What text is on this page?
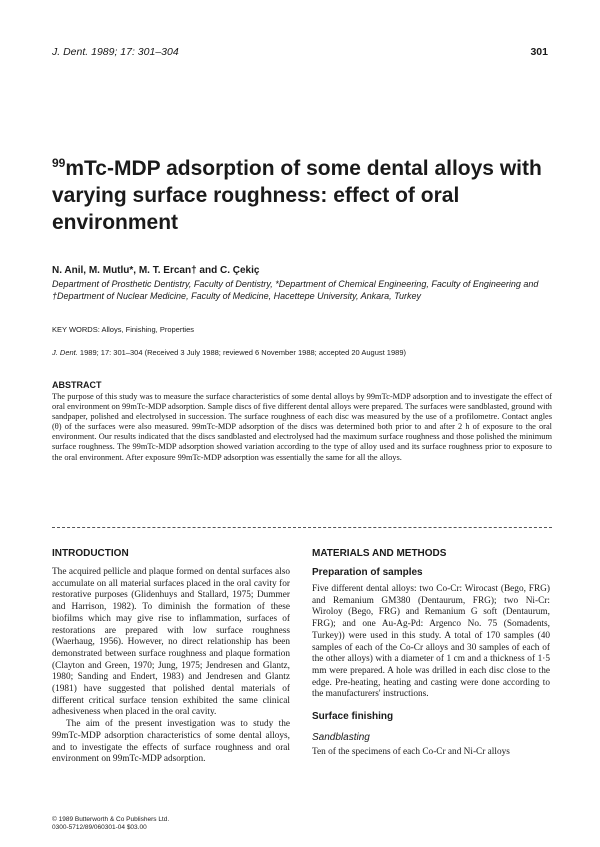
J. Dent. 1989; 17: 301–304	301
$^{99}$mTc-MDP adsorption of some dental alloys with varying surface roughness: effect of oral environment
N. Anil, M. Mutlu*, M. T. Ercan† and C. Çekiç
Department of Prosthetic Dentistry, Faculty of Dentistry, *Department of Chemical Engineering, Faculty of Engineering and †Department of Nuclear Medicine, Faculty of Medicine, Hacettepe University, Ankara, Turkey
KEY WORDS: Alloys, Finishing, Properties
J. Dent. 1989; 17: 301–304 (Received 3 July 1988; reviewed 6 November 1988; accepted 20 August 1989)
ABSTRACT
The purpose of this study was to measure the surface characteristics of some dental alloys by 99mTc-MDP adsorption and to investigate the effect of oral environment on 99mTc-MDP adsorption. Sample discs of five different dental alloys were prepared. The surfaces were sandblasted, ground with sandpaper, polished and electrolysed in succession. The surface roughness of each disc was measured by the use of a profilometre. Contact angles (θ) of the surfaces were also measured. 99mTc-MDP adsorption of the discs was determined both prior to and after 2 h of exposure to the oral environment. Our results indicated that the discs sandblasted and electrolysed had the maximum surface roughness and those polished the minimum surface roughness. The 99mTc-MDP adsorption showed variation according to the type of alloy used and its surface roughness prior to exposure to the oral environment. After exposure 99mTc-MDP adsorption was essentially the same for all the alloys.
INTRODUCTION

The acquired pellicle and plaque formed on dental surfaces also accumulate on all material surfaces placed in the oral cavity for restorative purposes (Glidenhuys and Stallard, 1975; Dummer and Harrison, 1982). To diminish the formation of these biofilms which may give rise to inflammation, surfaces of restorations are prepared with low surface roughness (Waerhaug, 1956). However, no direct relationship has been demonstrated between surface roughness and plaque formation (Clayton and Green, 1970; Jung, 1975; Jendresen and Glantz, 1980; Sanding and Endert, 1983) and Jendresen and Glantz (1981) have suggested that polished dental materials of different critical surface tension exhibited the same clinical adhesiveness when placed in the oral cavity.

The aim of the present investigation was to study the 99mTc-MDP adsorption characteristics of some dental alloys, and to investigate the effects of surface roughness and oral environment on 99mTc-MDP adsorption.

MATERIALS AND METHODS
Preparation of samples

Five different dental alloys: two Co-Cr: Wirocast (Bego, FRG) and Remanium GM380 (Dentaurum, FRG); two Ni-Cr: Wiroloy (Bego, FRG) and Remanium G soft (Dentaurum, FRG); and one Au-Ag-Pd: Argenco No. 75 (Somadents, Turkey)) were used in this study. A total of 170 samples (40 samples of each of the Co-Cr alloys and 30 samples of each of the other alloys) with a diameter of 1 cm and a thickness of 1·5 mm were prepared. A hole was drilled in each disc close to the edge. Pre-heating, heating and casting were done according to the manufacturers' instructions.

Surface finishing
Sandblasting

Ten of the specimens of each Co-Cr and Ni-Cr alloys

© 1989 Butterworth & Co Publishers Ltd.
0300-5712/89/060301-04 $03.00
